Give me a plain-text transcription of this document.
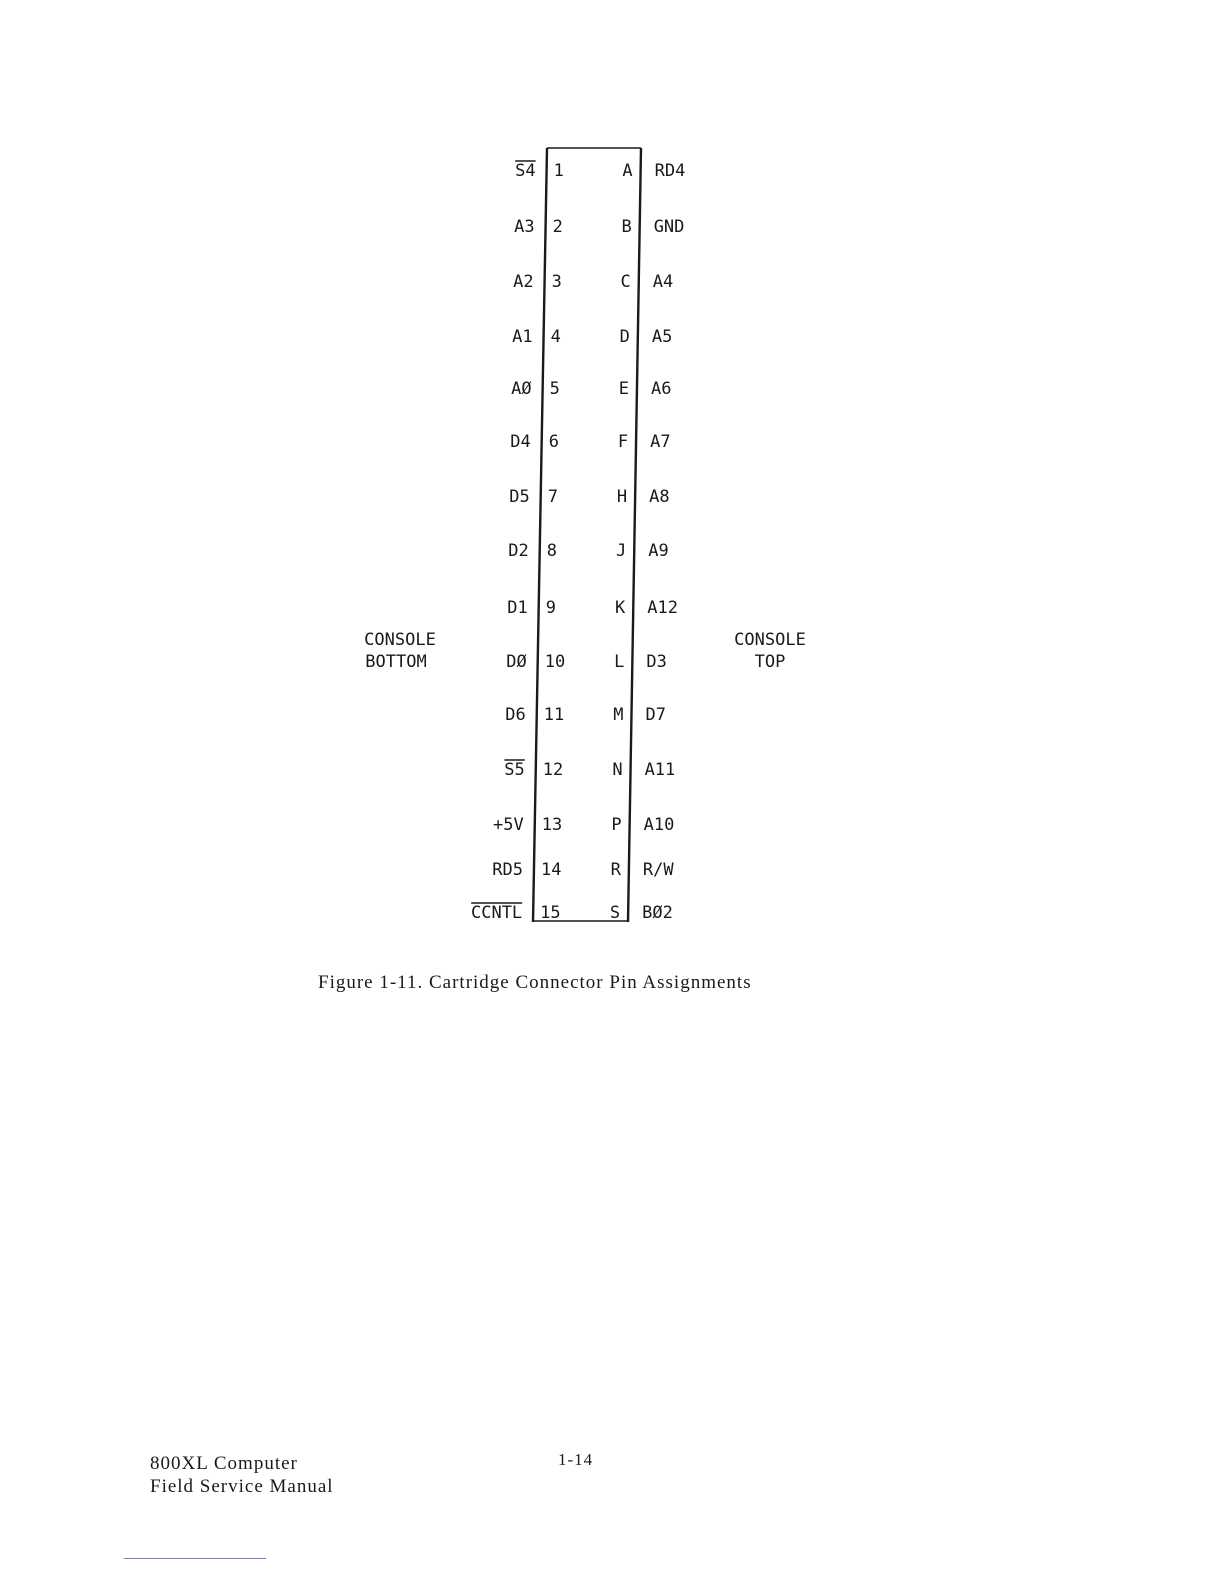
CONSOLE
BOTTOM
CONSOLE
TOP
S4 1	A RD4
A3 2	B GND
A2 3	C A4
A1 4	D A5
AØ 5	E A6
D4 6	F A7
D5 7	H A8
D2 8	J A9
D1 9	K A12
DØ 10	L D3
D6 11	M D7
S5 12	N A11
+5V 13	P A10
RD5 14	R R/W
CCNTL 15	S BØ2
Figure 1-11. Cartridge Connector Pin Assignments
800XL Computer
Field Service Manual
1-14
